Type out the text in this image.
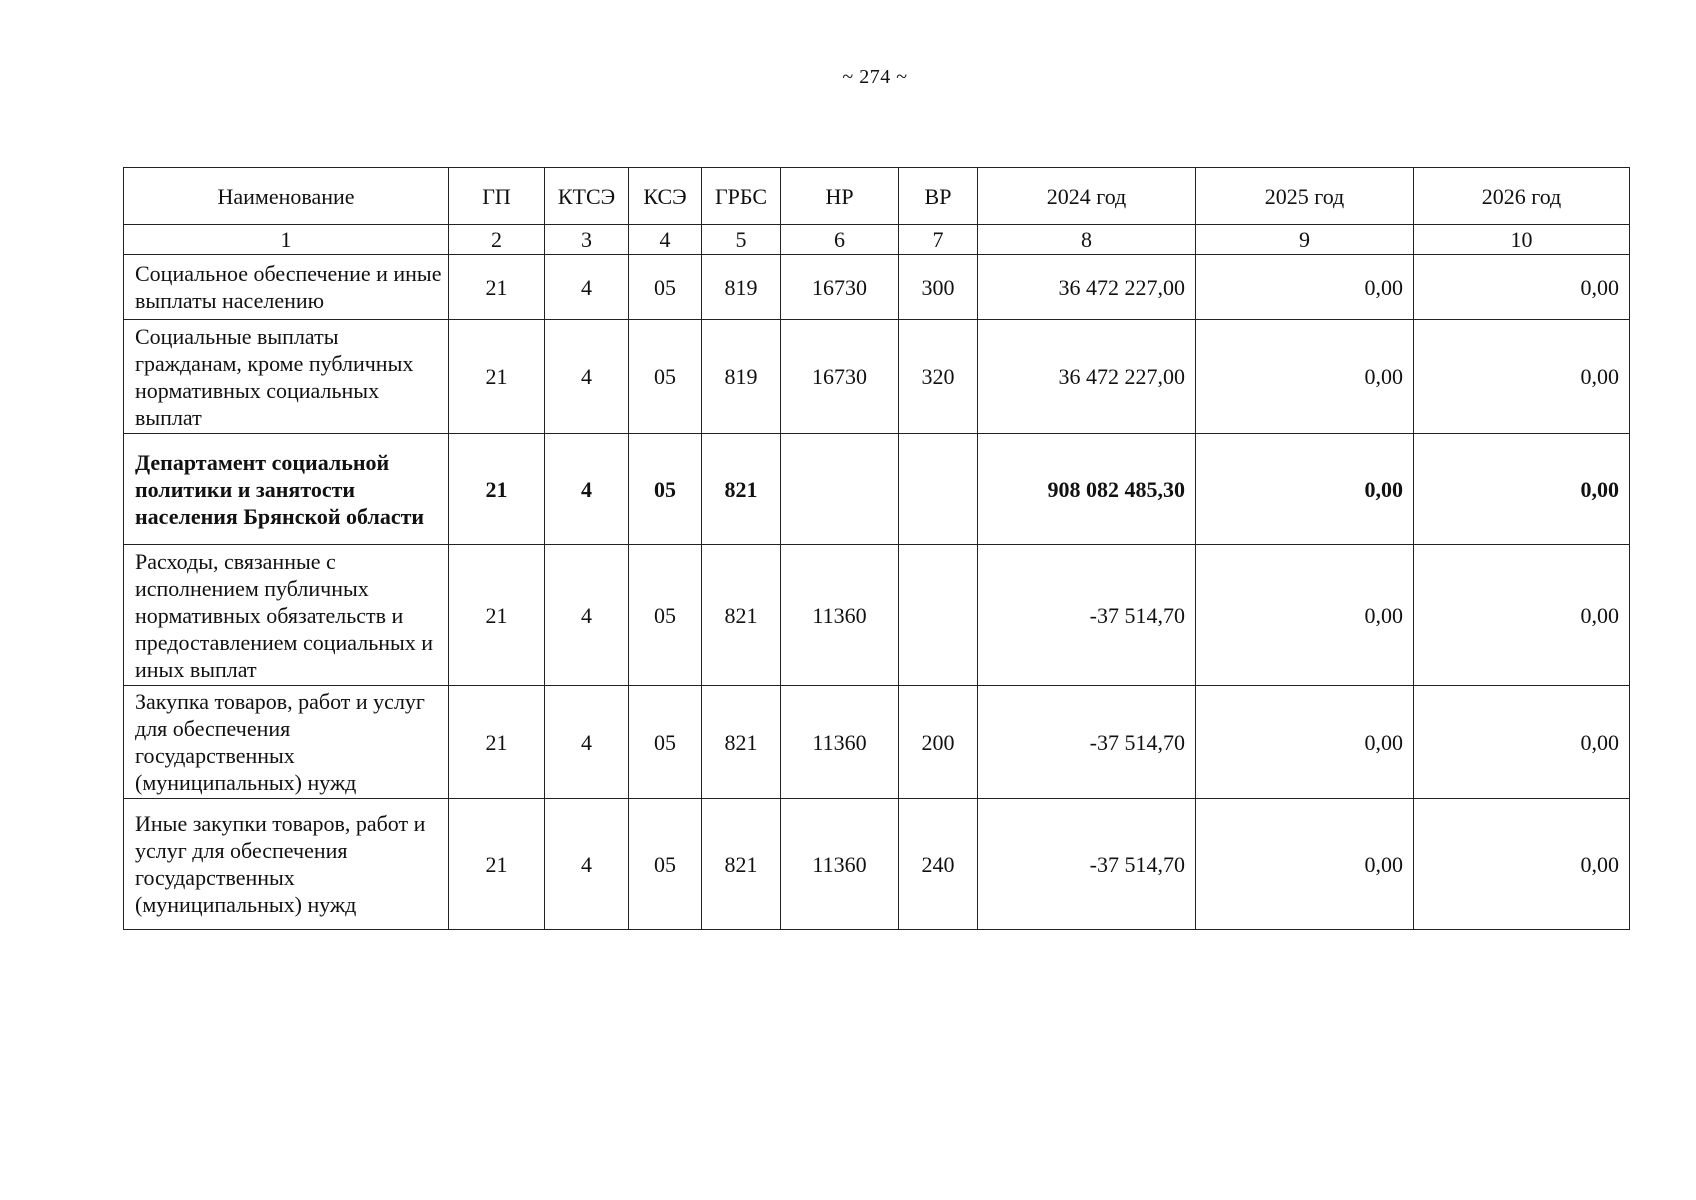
~ 274 ~
Наименование	ГП	КТСЭ	КСЭ	ГРБС	НР	ВР	2024 год	2025 год	2026 год
1	2	3	4	5	6	7	8	9	10
Социальное обеспечение и иные выплаты населению	21	4	05	819	16730	300	36 472 227,00	0,00	0,00
Социальные выплаты гражданам, кроме публичных нормативных социальных выплат	21	4	05	819	16730	320	36 472 227,00	0,00	0,00
Департамент социальной политики и занятости населения Брянской области	21	4	05	821			908 082 485,30	0,00	0,00
Расходы, связанные с исполнением публичных нормативных обязательств и предоставлением социальных и иных выплат	21	4	05	821	11360		-37 514,70	0,00	0,00
Закупка товаров, работ и услуг для обеспечения государственных (муниципальных) нужд	21	4	05	821	11360	200	-37 514,70	0,00	0,00
Иные закупки товаров, работ и услуг для обеспечения государственных (муниципальных) нужд	21	4	05	821	11360	240	-37 514,70	0,00	0,00
